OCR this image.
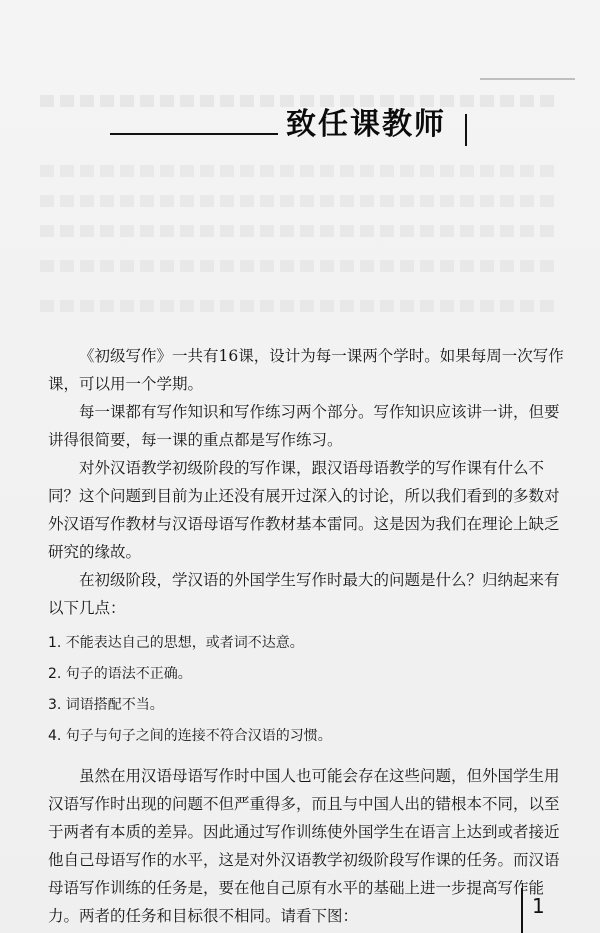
致任课教师

《初级写作》一共有16课，设计为每一课两个学时。如果每周一次写作课，可以用一个学期。

每一课都有写作知识和写作练习两个部分。写作知识应该讲一讲，但要讲得很简要，每一课的重点都是写作练习。

对外汉语教学初级阶段的写作课，跟汉语母语教学的写作课有什么不同？这个问题到目前为止还没有展开过深入的讨论，所以我们看到的多数对外汉语写作教材与汉语母语写作教材基本雷同。这是因为我们在理论上缺乏研究的缘故。

在初级阶段，学汉语的外国学生写作时最大的问题是什么？归纳起来有以下几点：

1. 不能表达自己的思想，或者词不达意。
2. 句子的语法不正确。
3. 词语搭配不当。
4. 句子与句子之间的连接不符合汉语的习惯。

虽然在用汉语母语写作时中国人也可能会存在这些问题，但外国学生用汉语写作时出现的问题不但严重得多，而且与中国人出的错根本不同，以至于两者有本质的差异。因此通过写作训练使外国学生在语言上达到或者接近他自己母语写作的水平，这是对外汉语教学初级阶段写作课的任务。而汉语母语写作训练的任务是，要在他自己原有水平的基础上进一步提高写作能力。两者的任务和目标很不相同。请看下图：	1
